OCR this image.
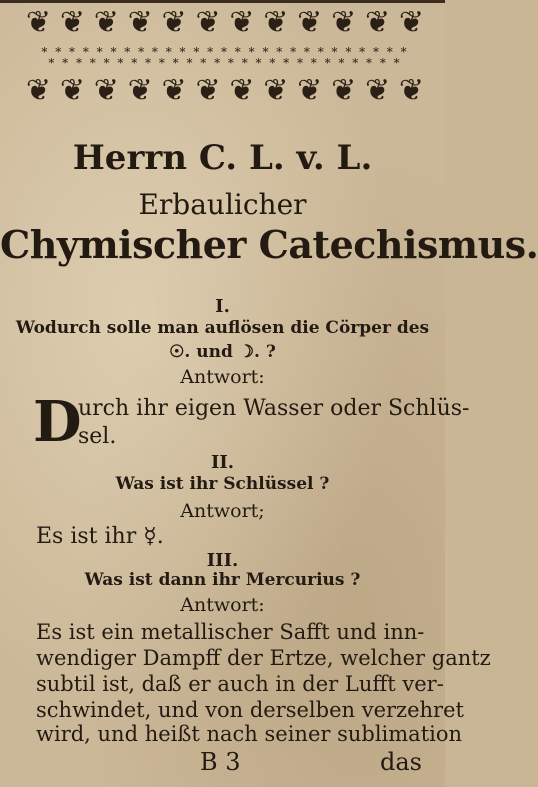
❦ ❦ ❦ ❦ ❦ ❦ ❦ ❦ ❦ ❦ ❦ ❦
* * * * * * * * * * * * * * * * * * * * * * * * * * *
* * * * * * * * * * * * * * * * * * * * * * * * * *
❦ ❦ ❦ ❦ ❦ ❦ ❦ ❦ ❦ ❦ ❦ ❦
Herrn C. L. v. L.
Erbaulicher
Chymischer Catechismus.
I.
Wodurch solle man auflösen die Cörper des
☉. und ☽. ?
Antwort:
D
urch ihr eigen Wasser oder Schlüs-
sel.
II.
Was ist ihr Schlüssel ?
Antwort;
Es ist ihr ☿.
III.
Was ist dann ihr Mercurius ?
Antwort:
Es ist ein metallischer Safft und inn-
wendiger Dampff der Ertze, welcher gantz
subtil ist, daß er auch in der Lufft ver-
schwindet, und von derselben verzehret
wird, und heißt nach seiner sublimation
B 3	das
